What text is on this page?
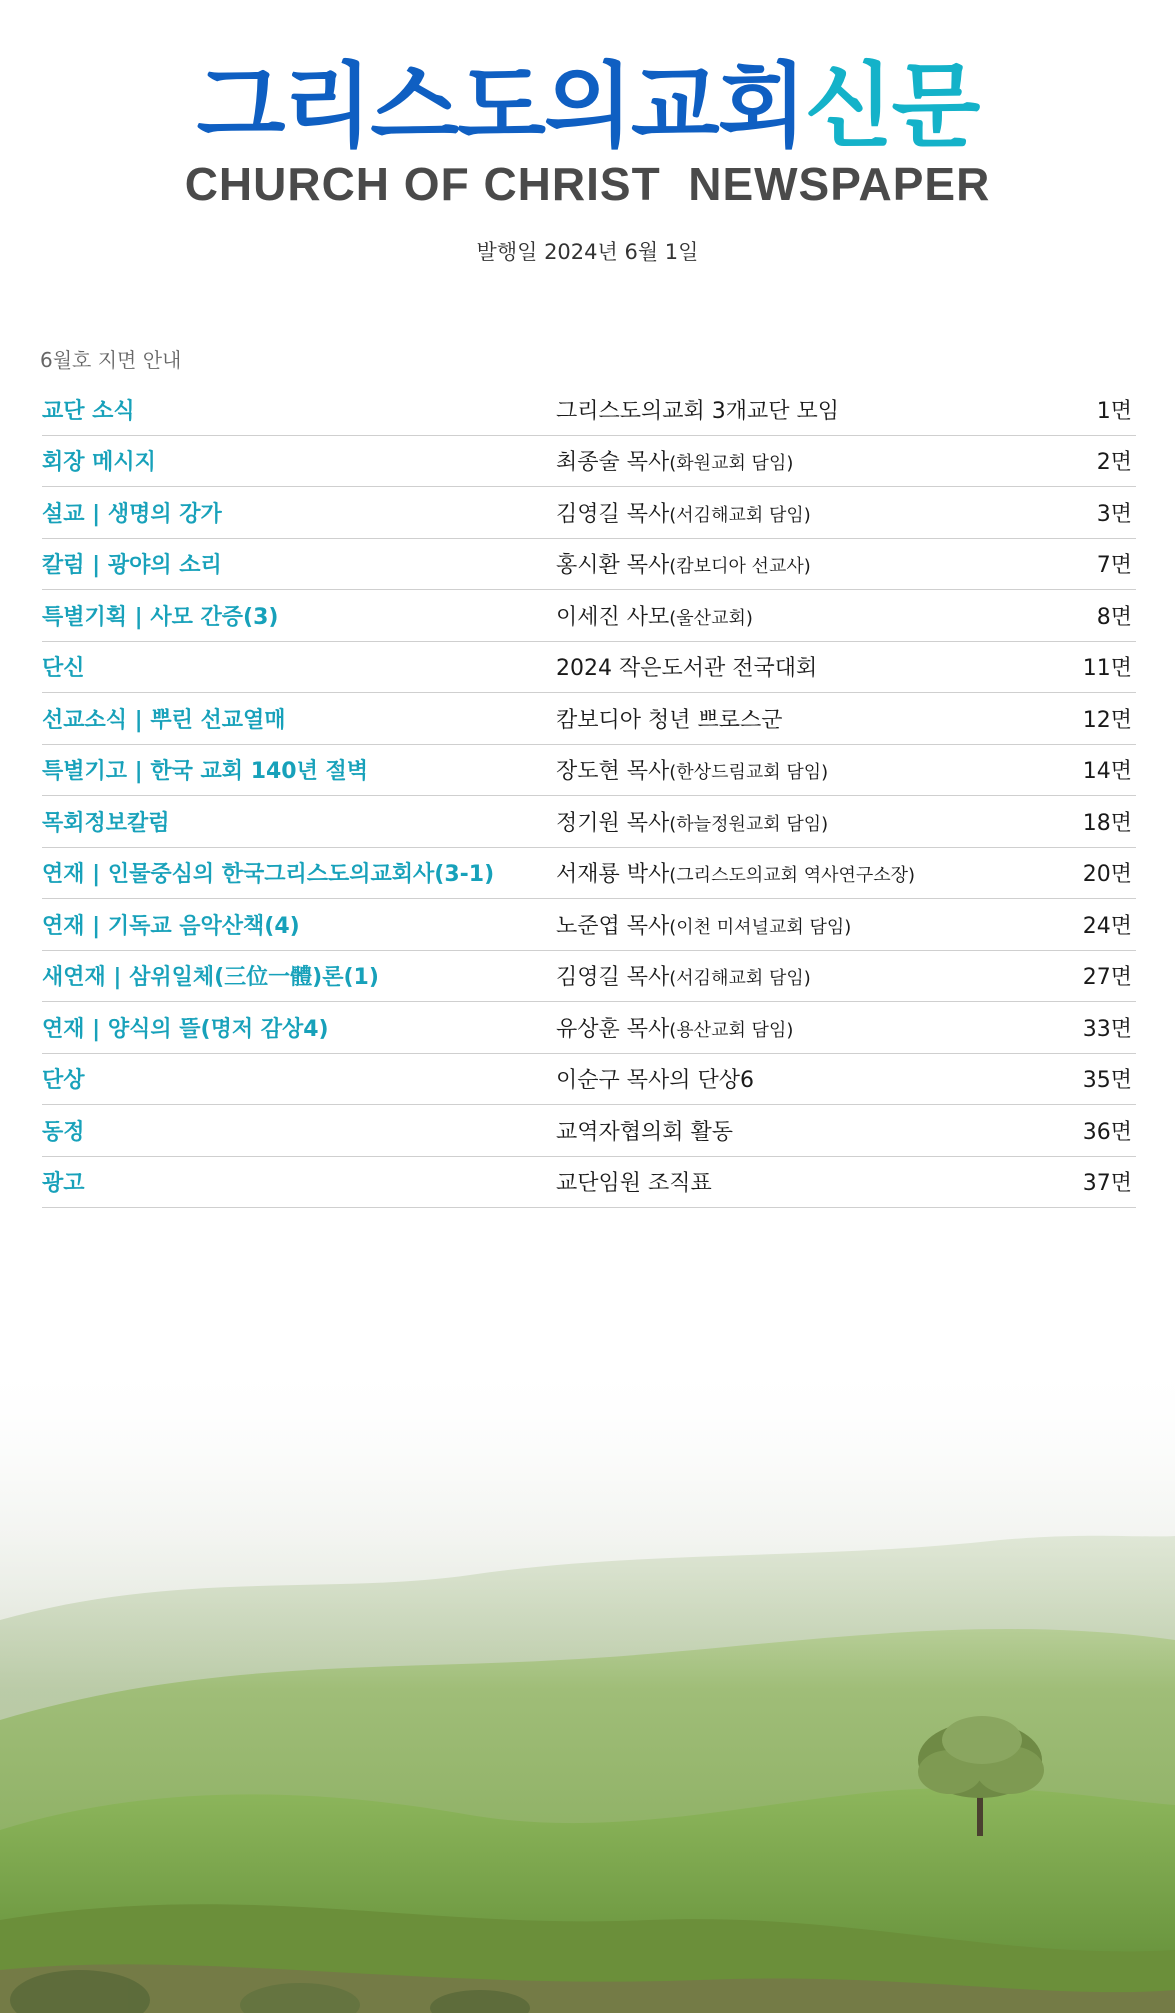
그리스도의교회신문
CHURCH OF CHRIST  NEWSPAPER
발행일 2024년 6월 1일
6월호 지면 안내
교단 소식	그리스도의교회 3개교단 모임	1면
회장 메시지	최종술 목사(화원교회 담임)	2면
설교 | 생명의 강가	김영길 목사(서김해교회 담임)	3면
칼럼 | 광야의 소리	홍시환 목사(캄보디아 선교사)	7면
특별기획 | 사모 간증(3)	이세진 사모(울산교회)	8면
단신	2024 작은도서관 전국대회	11면
선교소식 | 뿌린 선교열매	캄보디아 청년 쁘로스군	12면
특별기고 | 한국 교회 140년 절벽	장도현 목사(한상드림교회 담임)	14면
목회정보칼럼	정기원 목사(하늘정원교회 담임)	18면
연재 | 인물중심의 한국그리스도의교회사(3-1)	서재룡 박사(그리스도의교회 역사연구소장)	20면
연재 | 기독교 음악산책(4)	노준엽 목사(이천 미셔널교회 담임)	24면
새연재 | 삼위일체(三位一體)론(1)	김영길 목사(서김해교회 담임)	27면
연재 | 양식의 뜰(명저 감상4)	유상훈 목사(용산교회 담임)	33면
단상	이순구 목사의 단상6	35면
동정	교역자협의회 활동	36면
광고	교단임원 조직표	37면
